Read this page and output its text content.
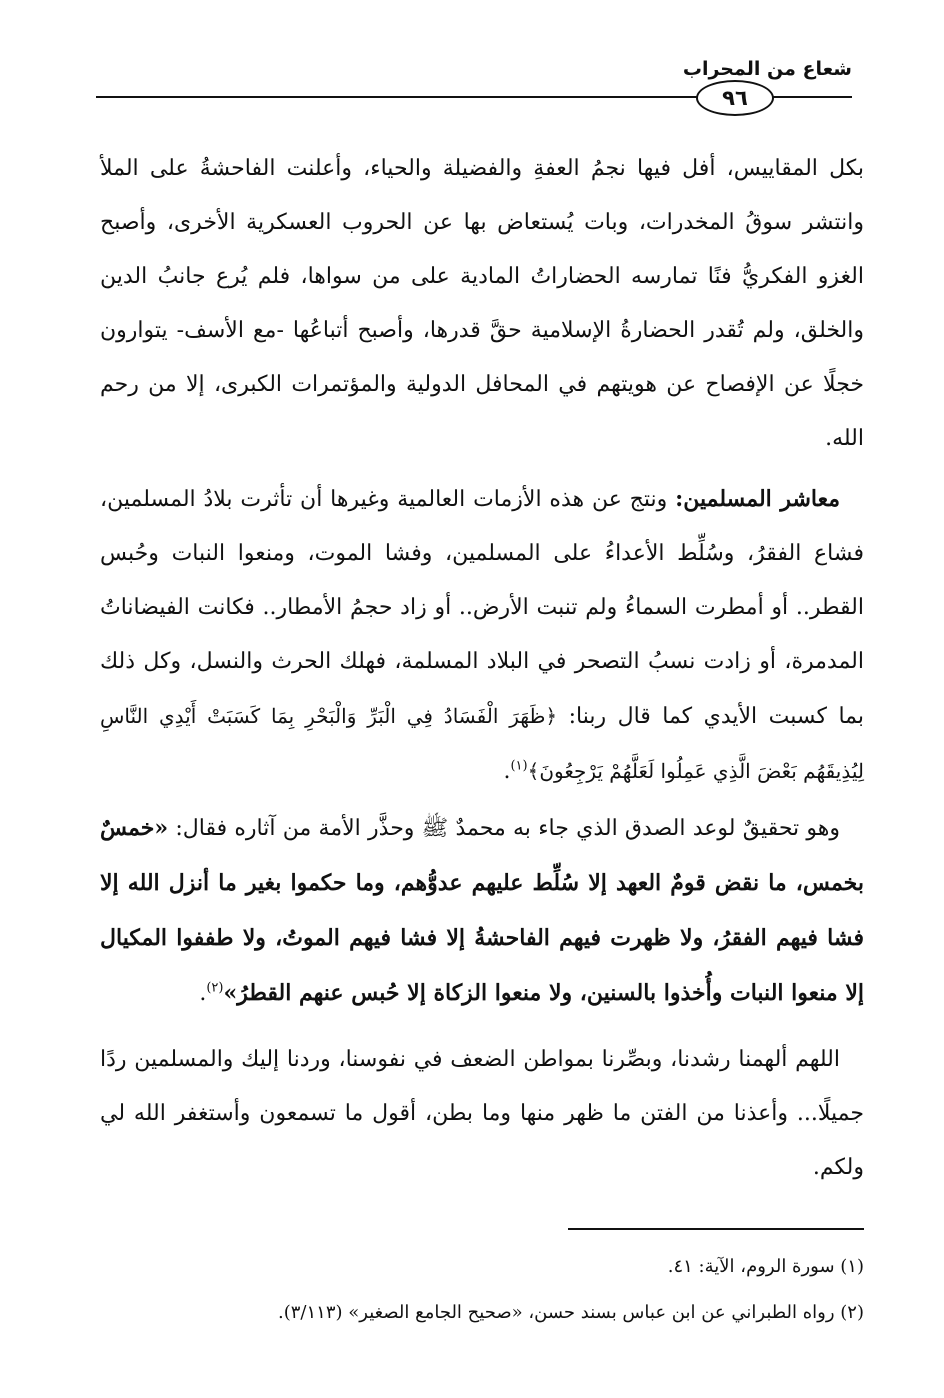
شعاع من المحراب
٩٦

بكل المقاييس، أفل فيها نجمُ العفةِ والفضيلة والحياء، وأعلنت الفاحشةُ على الملأ وانتشر سوقُ المخدرات، وبات يُستعاض بها عن الحروب العسكرية الأخرى، وأصبح الغزو الفكريُّ فنًا تمارسه الحضاراتُ المادية على من سواها، فلم يُرع جانبُ الدين والخلق، ولم تُقدر الحضارةُ الإسلامية حقَّ قدرها، وأصبح أتباعُها -مع الأسف- يتوارون خجلًا عن الإفصاح عن هويتهم في المحافل الدولية والمؤتمرات الكبرى، إلا من رحم الله.

معاشر المسلمين: ونتج عن هذه الأزمات العالمية وغيرها أن تأثرت بلادُ المسلمين، فشاع الفقرُ، وسُلِّط الأعداءُ على المسلمين، وفشا الموت، ومنعوا النبات وحُبس القطر.. أو أمطرت السماءُ ولم تنبت الأرض.. أو زاد حجمُ الأمطار.. فكانت الفيضاناتُ المدمرة، أو زادت نسبُ التصحر في البلاد المسلمة، فهلك الحرث والنسل، وكل ذلك بما كسبت الأيدي كما قال ربنا: ﴿ظَهَرَ الْفَسَادُ فِي الْبَرِّ وَالْبَحْرِ بِمَا كَسَبَتْ أَيْدِي النَّاسِ لِيُذِيقَهُم بَعْضَ الَّذِي عَمِلُوا لَعَلَّهُمْ يَرْجِعُونَ﴾$^{(١)}$.

وهو تحقيقٌ لوعد الصدق الذي جاء به محمدٌ ﷺ وحذَّر الأمة من آثاره فقال: «خمسٌ بخمس، ما نقض قومٌ العهد إلا سُلِّط عليهم عدوُّهم، وما حكموا بغير ما أنزل الله إلا فشا فيهم الفقرُ، ولا ظهرت فيهم الفاحشةُ إلا فشا فيهم الموتُ، ولا طففوا المكيال إلا منعوا النبات وأُخذوا بالسنين، ولا منعوا الزكاة إلا حُبس عنهم القطرُ»$^{(٢)}$.

اللهم ألهمنا رشدنا، وبصِّرنا بمواطن الضعف في نفوسنا، وردنا إليك والمسلمين ردًا جميلًا... وأعذنا من الفتن ما ظهر منها وما بطن، أقول ما تسمعون وأستغفر الله لي ولكم.

(١) سورة الروم، الآية: ٤١.

(٢) رواه الطبراني عن ابن عباس بسند حسن، «صحيح الجامع الصغير» (٣/١١٣).
